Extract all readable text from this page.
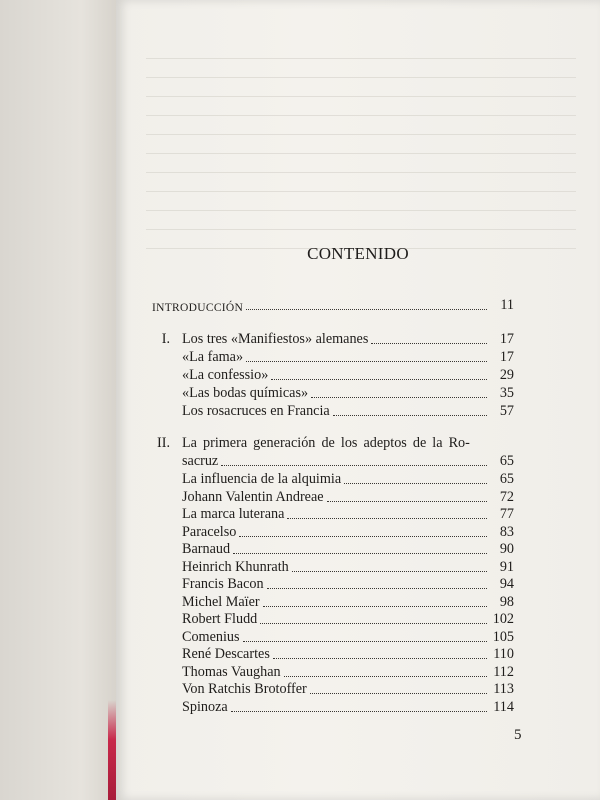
CONTENIDO
INTRODUCCIÓN	11
I. Los tres «Manifiestos» alemanes	17
«La fama»	17
«La confessio»	29
«Las bodas químicas»	35
Los rosacruces en Francia	57
II. La primera generación de los adeptos de la Ro-
sacruz	65
La influencia de la alquimia	65
Johann Valentin Andreae	72
La marca luterana	77
Paracelso	83
Barnaud	90
Heinrich Khunrath	91
Francis Bacon	94
Michel Maïer	98
Robert Fludd	102
Comenius	105
René Descartes	110
Thomas Vaughan	112
Von Ratchis Brotoffer	113
Spinoza	114
5
